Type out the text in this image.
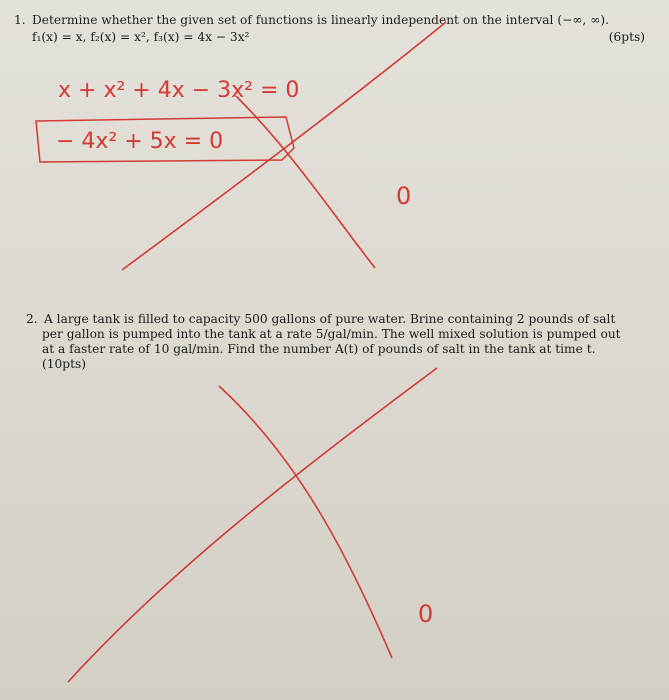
1. Determine whether the given set of functions is linearly independent on the interval (−∞, ∞).
f₁(x) = x, f₂(x) = x², f₃(x) = 4x − 3x²	(6pts)
2. A large tank is filled to capacity 500 gallons of pure water. Brine containing 2 pounds of salt
per gallon is pumped into the tank at a rate 5/gal/min. The well mixed solution is pumped out
at a faster rate of 10 gal/min. Find the number A(t) of pounds of salt in the tank at time t.
(10pts)
x + x² + 4x − 3x² = 0
− 4x² + 5x = 0
0
0
